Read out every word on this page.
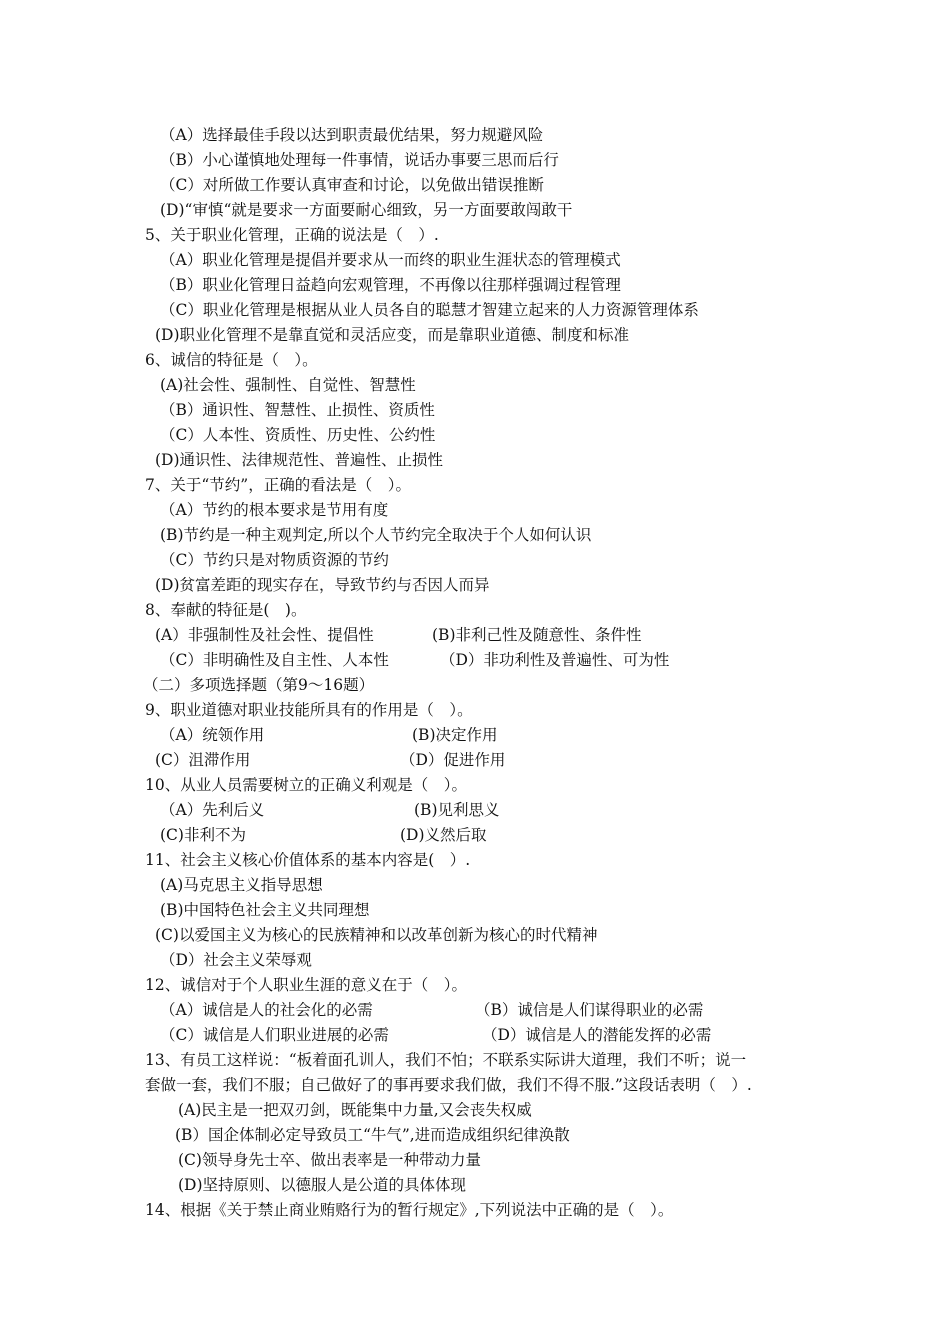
（A）选择最佳手段以达到职责最优结果，努力规避风险
（B）小心谨慎地处理每一件事情，说话办事要三思而后行
（C）对所做工作要认真审查和讨论，以免做出错误推断
(D)“审慎“就是要求一方面要耐心细致，另一方面要敢闯敢干
5、关于职业化管理，正确的说法是（　）.
（A）职业化管理是提倡并要求从一而终的职业生涯状态的管理模式
（B）职业化管理日益趋向宏观管理，不再像以往那样强调过程管理
（C）职业化管理是根据从业人员各自的聪慧才智建立起来的人力资源管理体系
(D)职业化管理不是靠直觉和灵活应变，而是靠职业道德、制度和标准
6、诚信的特征是（　）。
(A)社会性、强制性、自觉性、智慧性
（B）通识性、智慧性、止损性、资质性
（C）人本性、资质性、历史性、公约性
(D)通识性、法律规范性、普遍性、止损性
7、关于“节约”，正确的看法是（　）。
（A）节约的根本要求是节用有度
(B)节约是一种主观判定,所以个人节约完全取决于个人如何认识
（C）节约只是对物质资源的节约
(D)贫富差距的现实存在，导致节约与否因人而异
8、奉献的特征是(　)。
(A）非强制性及社会性、提倡性	(B)非利己性及随意性、条件性
（C）非明确性及自主性、人本性	（D）非功利性及普遍性、可为性
（二）多项选择题（第9～16题）
9、职业道德对职业技能所具有的作用是（　）。
（A）统领作用	(B)决定作用
(C）沮滞作用	（D）促进作用
10、从业人员需要树立的正确义利观是（　）。
（A）先利后义	(B)见利思义
(C)非利不为	(D)义然后取
11、社会主义核心价值体系的基本内容是(　）.
(A)马克思主义指导思想
(B)中国特色社会主义共同理想
(C)以爱国主义为核心的民族精神和以改革创新为核心的时代精神
（D）社会主义荣辱观
12、诚信对于个人职业生涯的意义在于（　）。
（A）诚信是人的社会化的必需	（B）诚信是人们谋得职业的必需
（C）诚信是人们职业进展的必需	（D）诚信是人的潜能发挥的必需
13、有员工这样说：“板着面孔训人，我们不怕；不联系实际讲大道理，我们不听；说一
套做一套，我们不服；自己做好了的事再要求我们做，我们不得不服.”这段话表明（　）.
(A)民主是一把双刃剑，既能集中力量,又会丧失权威
(B）国企体制必定导致员工“牛气”,进而造成组织纪律涣散
(C)领导身先士卒、做出表率是一种带动力量
(D)坚持原则、以德服人是公道的具体体现
14、根据《关于禁止商业贿赂行为的暂行规定》,下列说法中正确的是（　）。
